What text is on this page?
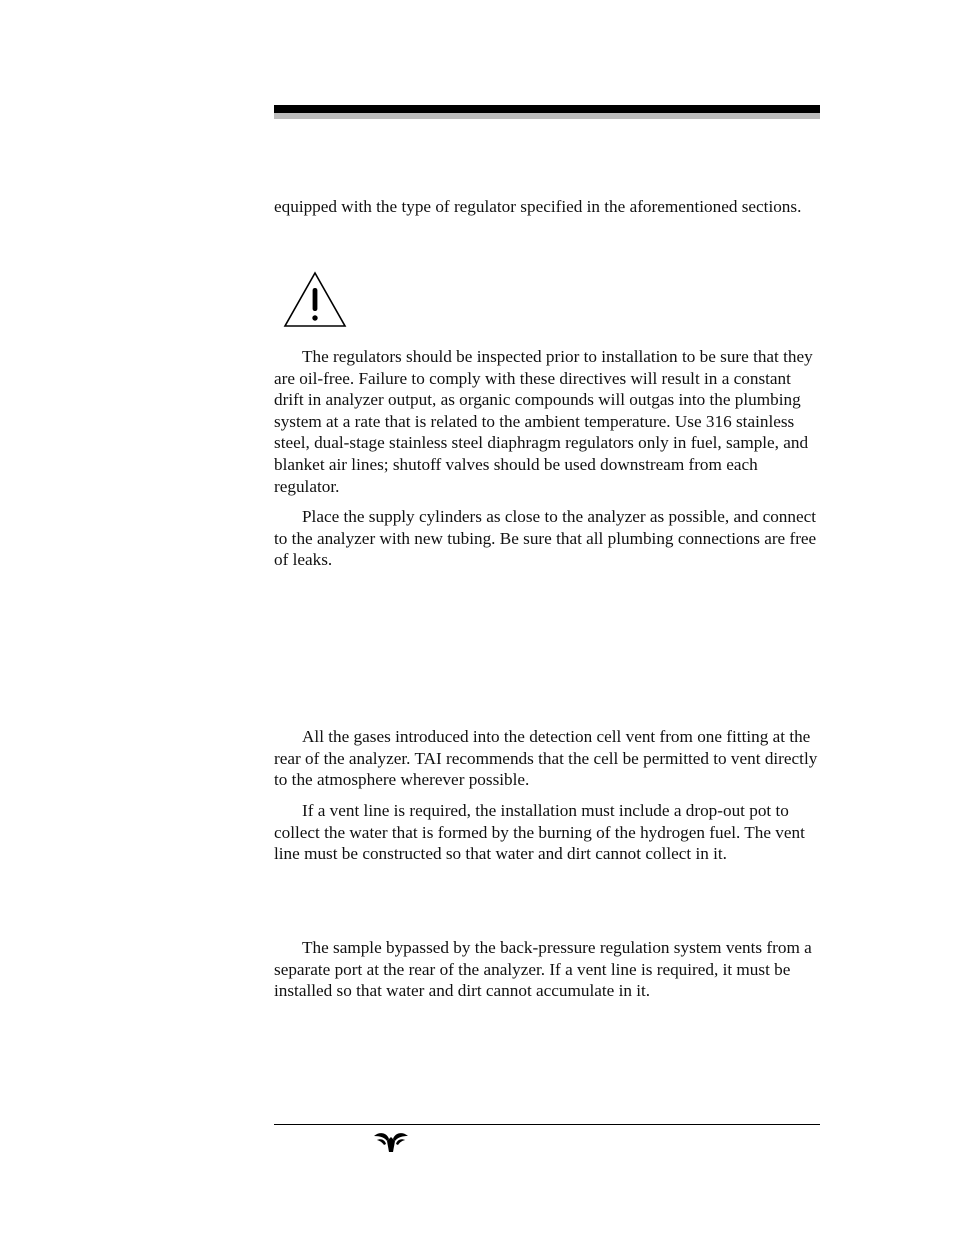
equipped with the type of regulator specified in the aforementioned sections.

The regulators should be inspected prior to installation to be sure that they are oil-free. Failure to comply with these directives will result in a constant drift in analyzer output, as organic compounds will outgas into the plumbing system at a rate that is related to the ambient temperature. Use 316 stainless steel, dual-stage stainless steel diaphragm regulators only in fuel, sample, and blanket air lines; shutoff valves should be used downstream from each regulator.

Place the supply cylinders as close to the analyzer as possible, and connect to the analyzer with new tubing. Be sure that all plumbing connections are free of leaks.

All the gases introduced into the detection cell vent from one fitting at the rear of the analyzer. TAI recommends that the cell be permitted to vent directly to the atmosphere wherever possible.

If a vent line is required, the installation must include a drop-out pot to collect the water that is formed by the burning of the hydrogen fuel. The vent line must be constructed so that water and dirt cannot collect in it.

The sample bypassed by the back-pressure regulation system vents from a separate port at the rear of the analyzer. If a vent line is required, it must be installed so that water and dirt cannot accumulate in it.
